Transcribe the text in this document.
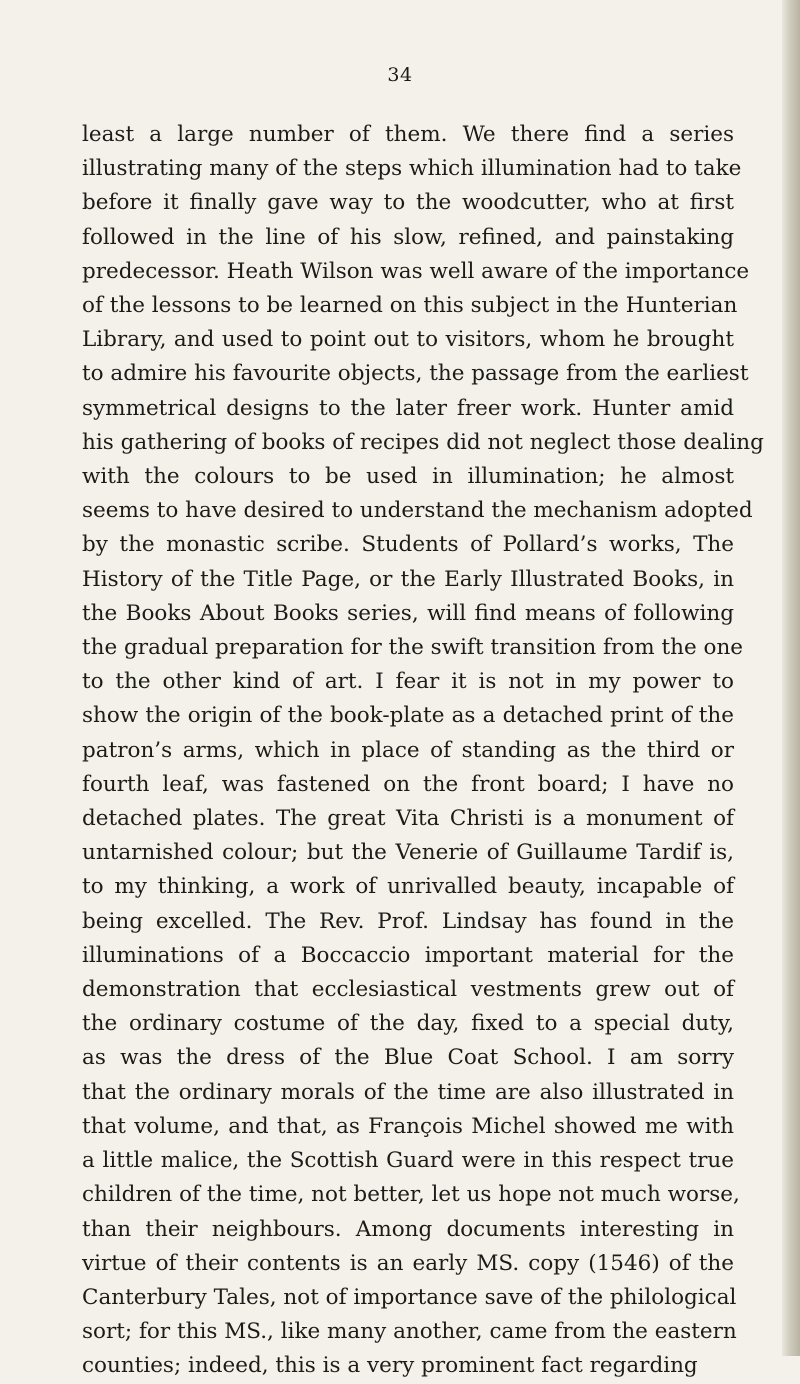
34
least a large number of them. We there find a series
illustrating many of the steps which illumination had to take
before it finally gave way to the woodcutter, who at first
followed in the line of his slow, refined, and painstaking
predecessor. Heath Wilson was well aware of the importance
of the lessons to be learned on this subject in the Hunterian
Library, and used to point out to visitors, whom he brought
to admire his favourite objects, the passage from the earliest
symmetrical designs to the later freer work. Hunter amid
his gathering of books of recipes did not neglect those dealing
with the colours to be used in illumination; he almost
seems to have desired to understand the mechanism adopted
by the monastic scribe. Students of Pollard’s works, The
History of the Title Page, or the Early Illustrated Books, in
the Books About Books series, will find means of following
the gradual preparation for the swift transition from the one
to the other kind of art. I fear it is not in my power to
show the origin of the book-plate as a detached print of the
patron’s arms, which in place of standing as the third or
fourth leaf, was fastened on the front board; I have no
detached plates. The great Vita Christi is a monument of
untarnished colour; but the Venerie of Guillaume Tardif is,
to my thinking, a work of unrivalled beauty, incapable of
being excelled. The Rev. Prof. Lindsay has found in the
illuminations of a Boccaccio important material for the
demonstration that ecclesiastical vestments grew out of
the ordinary costume of the day, fixed to a special duty,
as was the dress of the Blue Coat School. I am sorry
that the ordinary morals of the time are also illustrated in
that volume, and that, as François Michel showed me with
a little malice, the Scottish Guard were in this respect true
children of the time, not better, let us hope not much worse,
than their neighbours. Among documents interesting in
virtue of their contents is an early MS. copy (1546) of the
Canterbury Tales, not of importance save of the philological
sort; for this MS., like many another, came from the eastern
counties; indeed, this is a very prominent fact regarding
